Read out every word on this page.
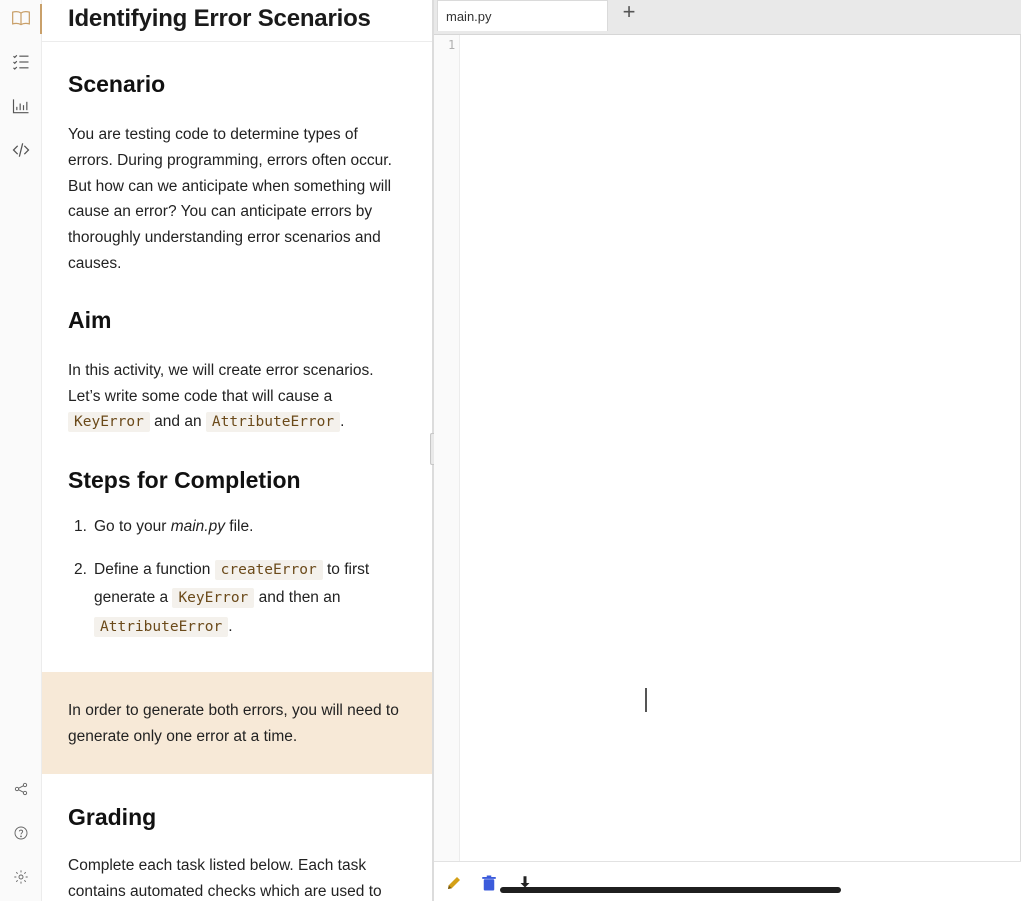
Identifying Error Scenarios
Scenario

You are testing code to determine types of errors. During programming, errors often occur. But how can we anticipate when something will cause an error? You can anticipate errors by thoroughly understanding error scenarios and causes.

Aim

In this activity, we will create error scenarios. Let’s write some code that will cause a KeyError and an AttributeError .

Steps for Completion
1. Go to your main.py file.
2. Define a function createError to first generate a KeyError and then an AttributeError .

In order to generate both errors, you will need to generate only one error at a time.

Grading

Complete each task listed below. Each task contains automated checks which are used to

main.py	+
1
